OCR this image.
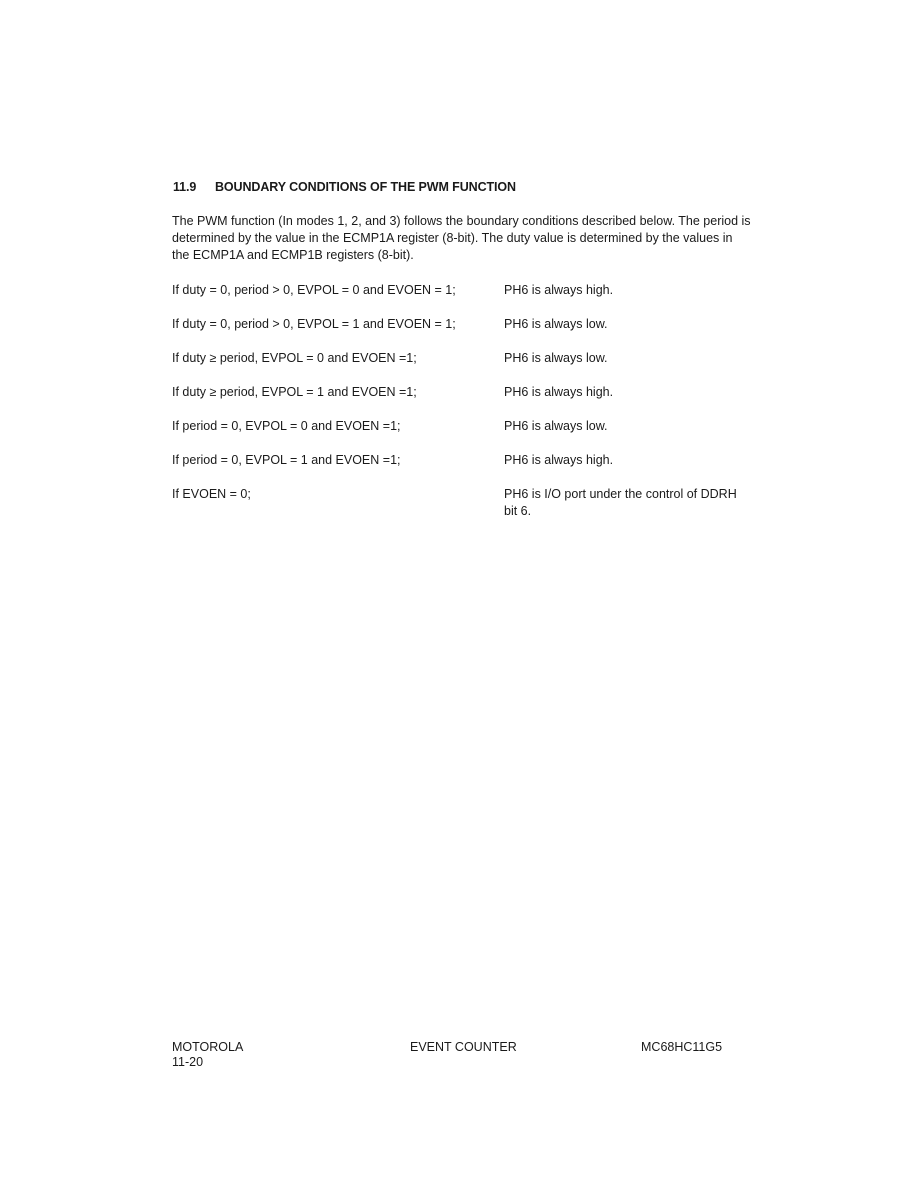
11.9 BOUNDARY CONDITIONS OF THE PWM FUNCTION

The PWM function (In modes 1, 2, and 3) follows the boundary conditions described below. The period is determined by the value in the ECMP1A register (8-bit). The duty value is determined by the values in the ECMP1A and ECMP1B registers (8-bit).

If duty = 0, period > 0, EVPOL = 0 and EVOEN = 1;	PH6 is always high.
If duty = 0, period > 0, EVPOL = 1 and EVOEN = 1;	PH6 is always low.
If duty ≥ period, EVPOL = 0 and EVOEN =1;	PH6 is always low.
If duty ≥ period, EVPOL = 1 and EVOEN =1;	PH6 is always high.
If period = 0, EVPOL = 0 and EVOEN =1;	PH6 is always low.
If period = 0, EVPOL = 1 and EVOEN =1;	PH6 is always high.
If EVOEN = 0;	PH6 is I/O port under the control of DDRH bit 6.
MOTOROLA
11-20
EVENT COUNTER	MC68HC11G5
